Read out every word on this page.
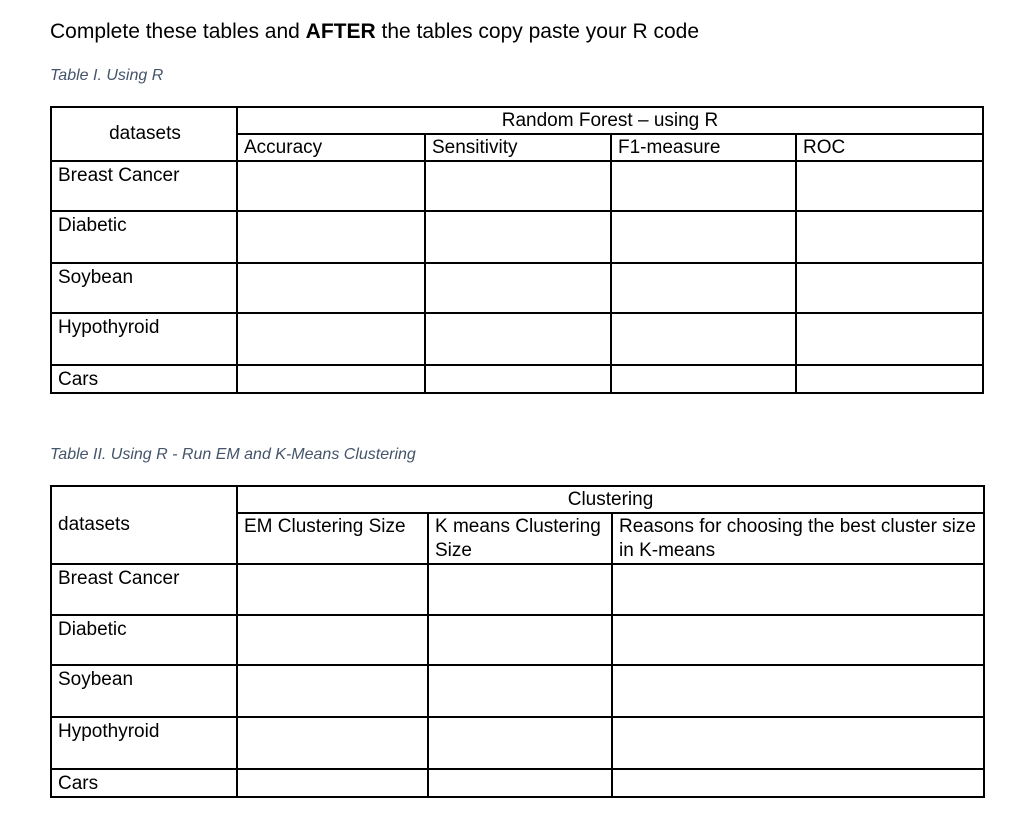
Complete these tables and AFTER the tables copy paste your R code

Table I. Using R

datasets	Random Forest – using R			
	Accuracy	Sensitivity	F1-measure	ROC
Breast Cancer				
Diabetic				
Soybean				
Hypothyroid				
Cars				

Table II. Using R - Run EM and K-Means Clustering

datasets	Clustering		
	EM Clustering Size	K means Clustering Size	Reasons for choosing the best cluster size in K-means
Breast Cancer			
Diabetic			
Soybean			
Hypothyroid			
Cars			
